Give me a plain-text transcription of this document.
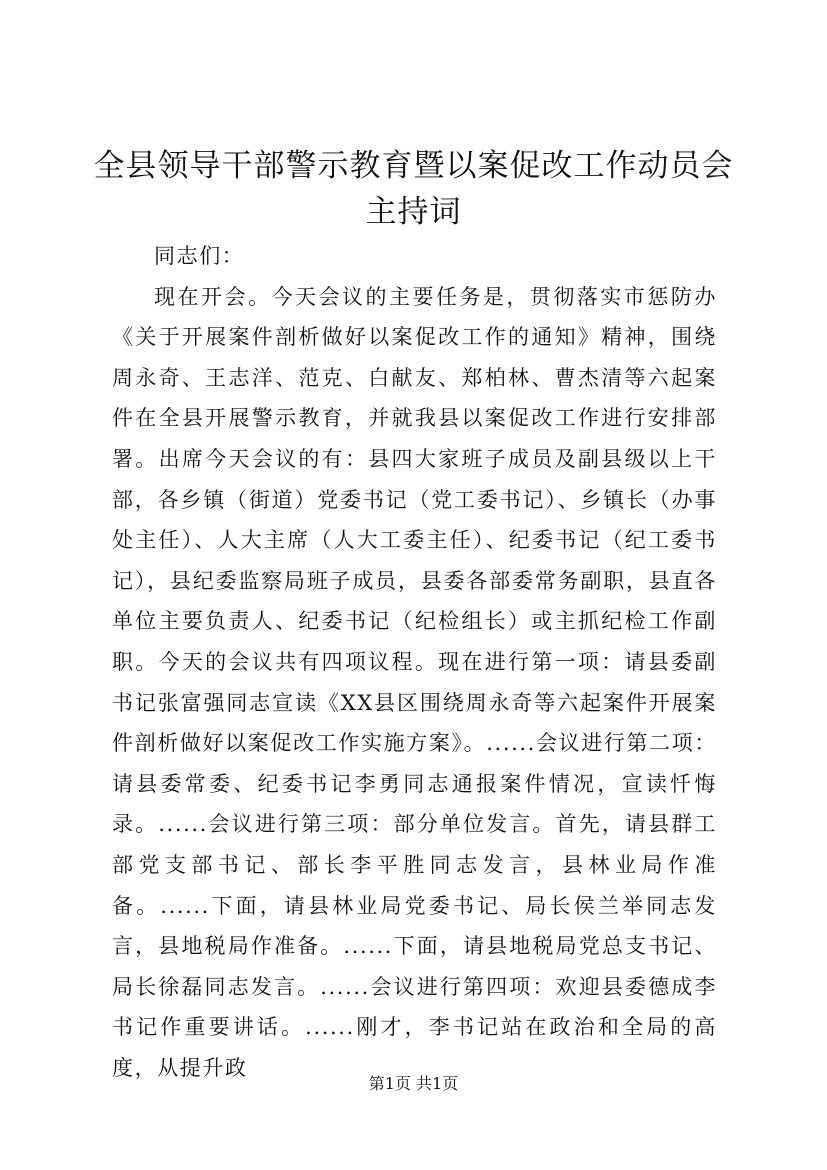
全县领导干部警示教育暨以案促改工作动员会
主持词

同志们：

现在开会。今天会议的主要任务是，贯彻落实市惩防办《关于开展案件剖析做好以案促改工作的通知》精神，围绕周永奇、王志洋、范克、白献友、郑柏林、曹杰清等六起案件在全县开展警示教育，并就我县以案促改工作进行安排部署。出席今天会议的有：县四大家班子成员及副县级以上干部，各乡镇（街道）党委书记（党工委书记）、乡镇长（办事处主任）、人大主席（人大工委主任）、纪委书记（纪工委书记），县纪委监察局班子成员，县委各部委常务副职，县直各单位主要负责人、纪委书记（纪检组长）或主抓纪检工作副职。今天的会议共有四项议程。现在进行第一项：请县委副书记张富强同志宣读《XX县区围绕周永奇等六起案件开展案件剖析做好以案促改工作实施方案》。......会议进行第二项：请县委常委、纪委书记李勇同志通报案件情况，宣读忏悔录。......会议进行第三项：部分单位发言。首先，请县群工部党支部书记、部长李平胜同志发言，县林业局作准备。......下面，请县林业局党委书记、局长侯兰举同志发言，县地税局作准备。......下面，请县地税局党总支书记、局长徐磊同志发言。......会议进行第四项：欢迎县委德成李书记作重要讲话。......刚才，李书记站在政治和全局的高度，从提升政

第1页 共1页
